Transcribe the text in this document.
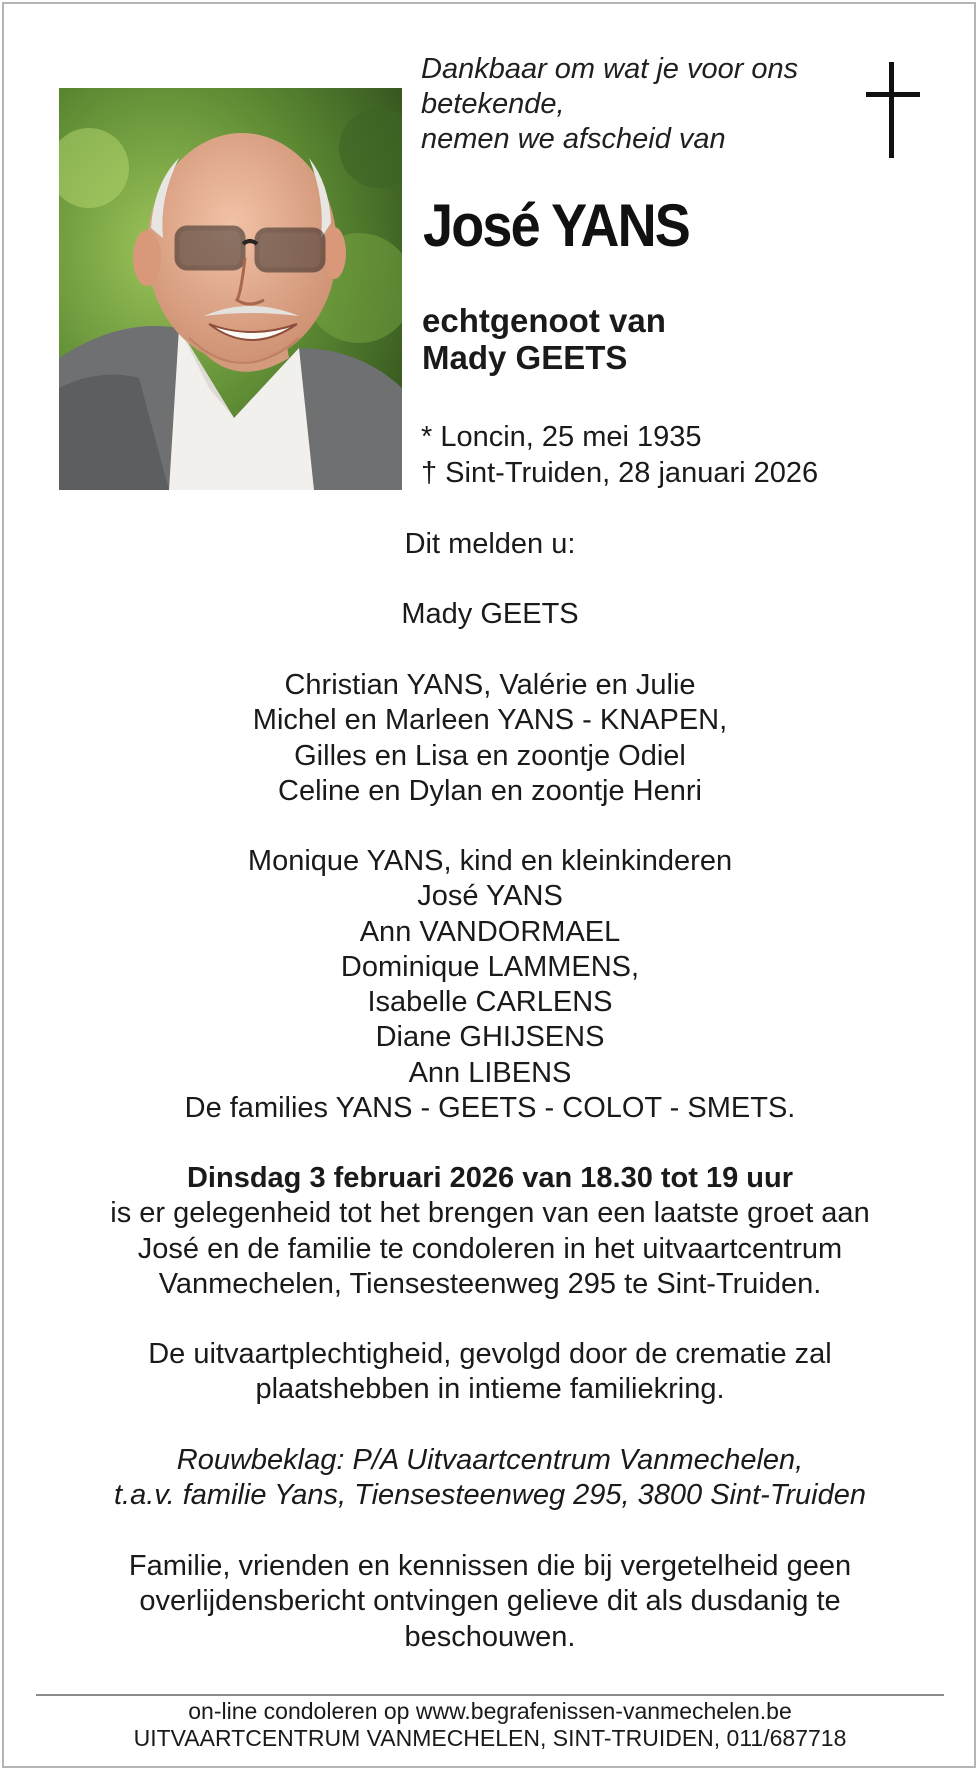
Dankbaar om wat je voor ons
betekende,
nemen we afscheid van
José YANS
echtgenoot van
Mady GEETS
* Loncin, 25 mei 1935
† Sint-Truiden, 28 januari 2026
Dit melden u:
Mady GEETS
Christian YANS, Valérie en Julie
Michel en Marleen YANS - KNAPEN,
Gilles en Lisa en zoontje Odiel
Celine en Dylan en zoontje Henri
Monique YANS, kind en kleinkinderen
José YANS
Ann VANDORMAEL
Dominique LAMMENS,
Isabelle CARLENS
Diane GHIJSENS
Ann LIBENS
De families YANS - GEETS - COLOT - SMETS.
Dinsdag 3 februari 2026 van 18.30 tot 19 uur
is er gelegenheid tot het brengen van een laatste groet aan
José en de familie te condoleren in het uitvaartcentrum
Vanmechelen, Tiensesteenweg 295 te Sint-Truiden.
De uitvaartplechtigheid, gevolgd door de crematie zal
plaatshebben in intieme familiekring.
Rouwbeklag: P/A Uitvaartcentrum Vanmechelen,
t.a.v. familie Yans, Tiensesteenweg 295, 3800 Sint-Truiden
Familie, vrienden en kennissen die bij vergetelheid geen
overlijdensbericht ontvingen gelieve dit als dusdanig te
beschouwen.
on-line condoleren op www.begrafenissen-vanmechelen.be
UITVAARTCENTRUM VANMECHELEN, SINT-TRUIDEN, 011/687718
